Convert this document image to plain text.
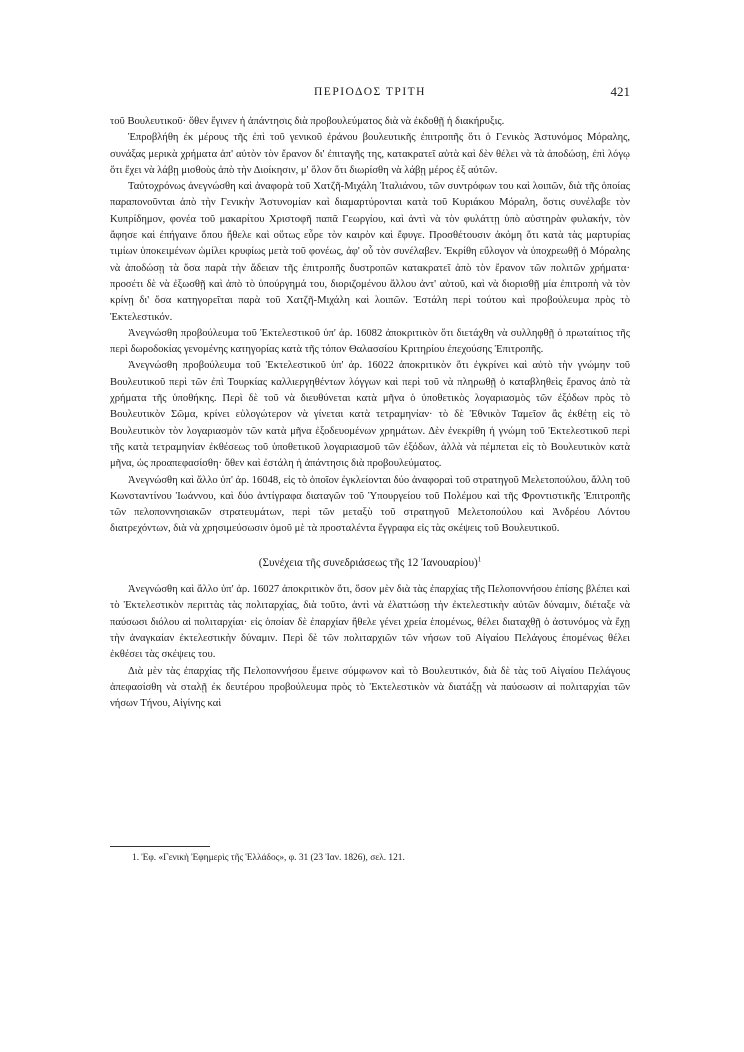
ΠΕΡΙΟΔΟΣ ΤΡΙΤΗ	421

τοῦ Βουλευτικοῦ· ὅθεν ἔγινεν ἡ ἀπάντησις διὰ προβουλεύματος διὰ νὰ ἐκδοθῇ ἡ διακήρυξις.

Ἐπροβλήθη ἐκ μέρους τῆς ἐπὶ τοῦ γενικοῦ ἐράνου βουλευτικῆς ἐπιτροπῆς ὅτι ὁ Γενικὸς Ἀστυνόμος Μόραλης, συνάξας μερικὰ χρήματα ἀπ' αὐτὸν τὸν ἔρανον δι' ἐπιταγῆς της, κατακρατεῖ αὐτὰ καὶ δὲν θέλει νὰ τὰ ἀποδώσῃ, ἐπὶ λόγῳ ὅτι ἔχει νὰ λάβῃ μισθοὺς ἀπὸ τὴν Διοίκησιν, μ' ὅλον ὅτι διωρίσθη νὰ λάβῃ μέρος ἐξ αὐτῶν.

Ταὐτοχρόνως ἀνεγνώσθη καὶ ἀναφορὰ τοῦ Χατζῆ-Μιχάλη Ἰταλιάνου, τῶν συντρόφων του καὶ λοιπῶν, διὰ τῆς ὁποίας παραπονοῦνται ἀπὸ τὴν Γενικὴν Ἀστυνομίαν καὶ διαμαρτύρονται κατὰ τοῦ Κυριάκου Μόραλη, ὅστις συνέλαβε τὸν Κυπρίδημον, φονέα τοῦ μακαρίτου Χριστοφῆ παπᾶ Γεωργίου, καὶ ἀντὶ νὰ τὸν φυλάττῃ ὑπὸ αὐστηρὰν φυλακήν, τὸν ἄφησε καὶ ἐπήγαινε ὅπου ἤθελε καὶ οὕτως εὗρε τὸν καιρὸν καὶ ἔφυγε. Προσθέτουσιν ἀκόμη ὅτι κατὰ τὰς μαρτυρίας τιμίων ὑποκειμένων ὡμίλει κρυφίως μετὰ τοῦ φονέως, ἀφ' οὗ τὸν συνέλαβεν. Ἐκρίθη εὔλογον νὰ ὑποχρεωθῇ ὁ Μόραλης νὰ ἀποδώσῃ τὰ ὅσα παρὰ τὴν ἄδειαν τῆς ἐπιτροπῆς δυστροπῶν κατακρατεῖ ἀπὸ τὸν ἔρανον τῶν πολιτῶν χρήματα· προσέτι δὲ νὰ ἐξωσθῇ καὶ ἀπὸ τὸ ὑπούργημά του, διοριζομένου ἄλλου ἀντ' αὐτοῦ, καὶ νὰ διορισθῇ μία ἐπιτροπὴ νὰ τὸν κρίνῃ δι' ὅσα κατηγορεῖται παρὰ τοῦ Χατζῆ-Μιχάλη καὶ λοιπῶν. Ἐστάλη περὶ τούτου καὶ προβούλευμα πρὸς τὸ Ἐκτελεστικόν.

Ἀνεγνώσθη προβούλευμα τοῦ Ἐκτελεστικοῦ ὑπ' ἀρ. 16082 ἀποκριτικὸν ὅτι διετάχθη νὰ συλληφθῇ ὁ πρωταίτιος τῆς περὶ δωροδοκίας γενομένης κατηγορίας κατὰ τῆς τόπον Θαλασσίου Κριτηρίου ἐπεχούσης Ἐπιτροπῆς.

Ἀνεγνώσθη προβούλευμα τοῦ Ἐκτελεστικοῦ ὑπ' ἀρ. 16022 ἀποκριτικὸν ὅτι ἐγκρίνει καὶ αὐτὸ τὴν γνώμην τοῦ Βουλευτικοῦ περὶ τῶν ἐπὶ Τουρκίας καλλιεργηθέντων λόγγων καὶ περὶ τοῦ νὰ πληρωθῇ ὁ καταβληθεὶς ἔρανος ἀπὸ τὰ χρήματα τῆς ὑποθήκης. Περὶ δὲ τοῦ νὰ διευθύνεται κατὰ μῆνα ὁ ὑποθετικὸς λογαριασμὸς τῶν ἐξόδων πρὸς τὸ Βουλευτικὸν Σῶμα, κρίνει εὐλογώτερον νὰ γίνεται κατὰ τετραμηνίαν· τὸ δὲ Ἐθνικὸν Ταμεῖον ἂς ἐκθέτῃ εἰς τὸ Βουλευτικὸν τὸν λογαριασμὸν τῶν κατὰ μῆνα ἐξοδευομένων χρημάτων. Δὲν ἐνεκρίθη ἡ γνώμη τοῦ Ἐκτελεστικοῦ περὶ τῆς κατὰ τετραμηνίαν ἐκθέσεως τοῦ ὑποθετικοῦ λογαριασμοῦ τῶν ἐξόδων, ἀλλὰ νὰ πέμπεται εἰς τὸ Βουλευτικὸν κατὰ μῆνα, ὡς προαπεφασίσθη· ὅθεν καὶ ἐστάλη ἡ ἀπάντησις διὰ προβουλεύματος.

Ἀνεγνώσθη καὶ ἄλλο ὑπ' ἀρ. 16048, εἰς τὸ ὁποῖον ἐγκλείονται δύο ἀναφοραὶ τοῦ στρατηγοῦ Μελετοπούλου, ἄλλη τοῦ Κωνσταντίνου Ἰωάννου, καὶ δύο ἀντίγραφα διαταγῶν τοῦ Ὑπουργείου τοῦ Πολέμου καὶ τῆς Φροντιστικῆς Ἐπιτροπῆς τῶν πελοποννησιακῶν στρατευμάτων, περὶ τῶν μεταξὺ τοῦ στρατηγοῦ Μελετοπούλου καὶ Ἀνδρέου Λόντου διατρεχόντων, διὰ νὰ χρησιμεύσωσιν ὁμοῦ μὲ τὰ προσταλέντα ἔγγραφα εἰς τὰς σκέψεις τοῦ Βουλευτικοῦ.

(Συνέχεια τῆς συνεδριάσεως τῆς 12 Ἰανουαρίου)$^1$

Ἀνεγνώσθη καὶ ἄλλο ὑπ' ἀρ. 16027 ἀποκριτικὸν ὅτι, ὅσον μὲν διὰ τὰς ἐπαρχίας τῆς Πελοποννήσου ἐπίσης βλέπει καὶ τὸ Ἐκτελεστικὸν περιττὰς τὰς πολιταρχίας, διὰ τοῦτο, ἀντὶ νὰ ἐλαττώσῃ τὴν ἐκτελεστικὴν αὐτῶν δύναμιν, διέταξε νὰ παύσωσι διόλου αἱ πολιταρχίαι· εἰς ὁποίαν δὲ ἐπαρχίαν ἤθελε γένει χρεία ἑπομένως, θέλει διαταχθῇ ὁ ἀστυνόμος νὰ ἔχῃ τὴν ἀναγκαίαν ἐκτελεστικὴν δύναμιν. Περὶ δὲ τῶν πολιταρχιῶν τῶν νήσων τοῦ Αἰγαίου Πελάγους ἑπομένως θέλει ἐκθέσει τὰς σκέψεις του.

Διὰ μὲν τὰς ἐπαρχίας τῆς Πελοποννήσου ἔμεινε σύμφωνον καὶ τὸ Βουλευτικόν, διὰ δὲ τὰς τοῦ Αἰγαίου Πελάγους ἀπεφασίσθη νὰ σταλῇ ἐκ δευτέρου προβούλευμα πρὸς τὸ Ἐκτελεστικὸν νὰ διατάξῃ νὰ παύσωσιν αἱ πολιταρχίαι τῶν νήσων Τήνου, Αἰγίνης καὶ

1. Ἐφ. «Γενικὴ Ἐφημερὶς τῆς Ἑλλάδος», φ. 31 (23 Ἰαν. 1826), σελ. 121.
